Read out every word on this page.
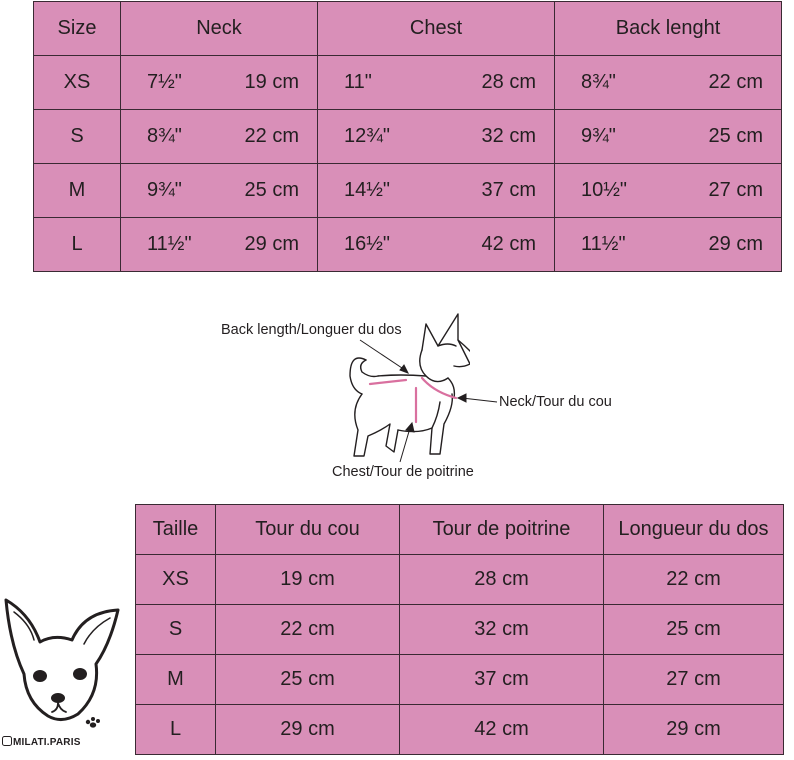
Size	Neck	Chest	Back lenght
XS	7½" 19 cm	11" 28 cm	8¾" 22 cm

S	8¾" 22 cm	12¾" 32 cm	9¾" 25 cm

M	9¾" 25 cm	14½" 37 cm	10½" 27 cm

L	11½" 29 cm	16½" 42 cm	11½" 29 cm
Back length/Longuer du dos
Neck/Tour du cou
Chest/Tour de poitrine
Taille	Tour du cou	Tour de poitrine	Longueur du dos
XS	19 cm	28 cm	22 cm
S	22 cm	32 cm	25 cm
M	25 cm	37 cm	27 cm
L	29 cm	42 cm	29 cm
MILATI.PARIS
